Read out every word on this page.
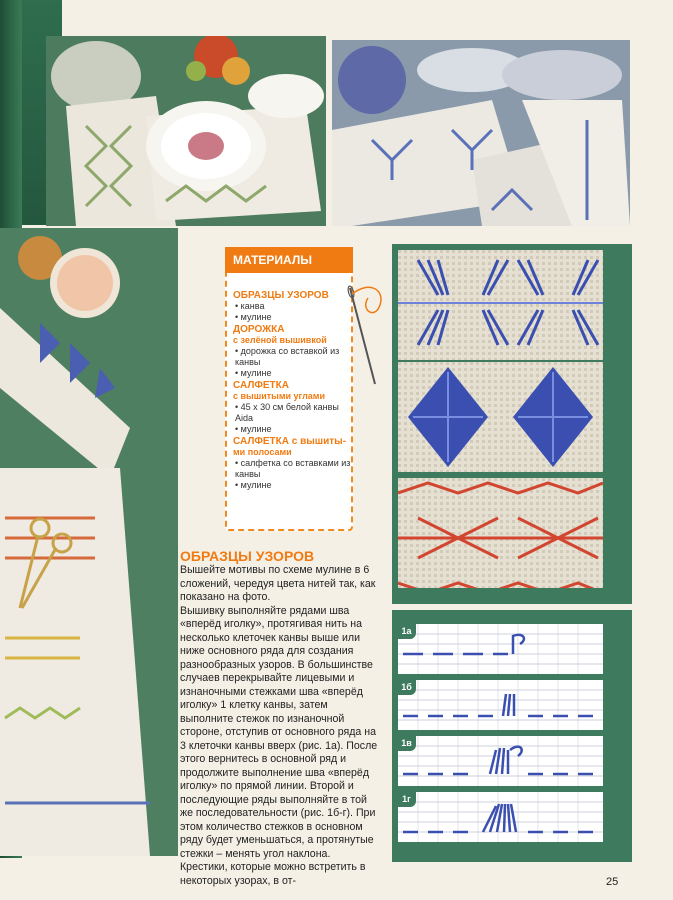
МАТЕРИАЛЫ
ОБРАЗЦЫ УЗОРОВ
• канва
• мулине
ДОРОЖКА
с зелёной вышивкой
• дорожка со вставкой из канвы
• мулине
САЛФЕТКА
с вышитыми углами
• 45 х 30 см белой канвы Aida
• мулине
САЛФЕТКА с вышиты-
ми полосами
• салфетка со вставками из канвы
• мулине
1а
1б
1в
1г
ОБРАЗЦЫ УЗОРОВ

Вышейте мотивы по схеме мулине в 6 сложений, чередуя цвета нитей так, как показано на фото.

Вышивку выполняйте рядами шва «вперёд иголку», протягивая нить на несколько клеточек канвы выше или ниже основного ряда для создания разнообразных узоров. В большинстве случаев перекрывайте лицевыми и изнаночными стежками шва «вперёд иголку» 1 клетку канвы, затем выполните стежок по изнаночной стороне, отступив от основного ряда на 3 клеточки канвы вверх (рис. 1а). После этого вернитесь в основной ряд и продолжите выполнение шва «вперёд иголку» по прямой линии. Второй и последующие ряды выполняйте в той же последовательности (рис. 1б-г). При этом количество стежков в основном ряду будет уменьшаться, а протянутые стежки – менять угол наклона. Крестики, которые можно встретить в некоторых узорах, в от-	25
